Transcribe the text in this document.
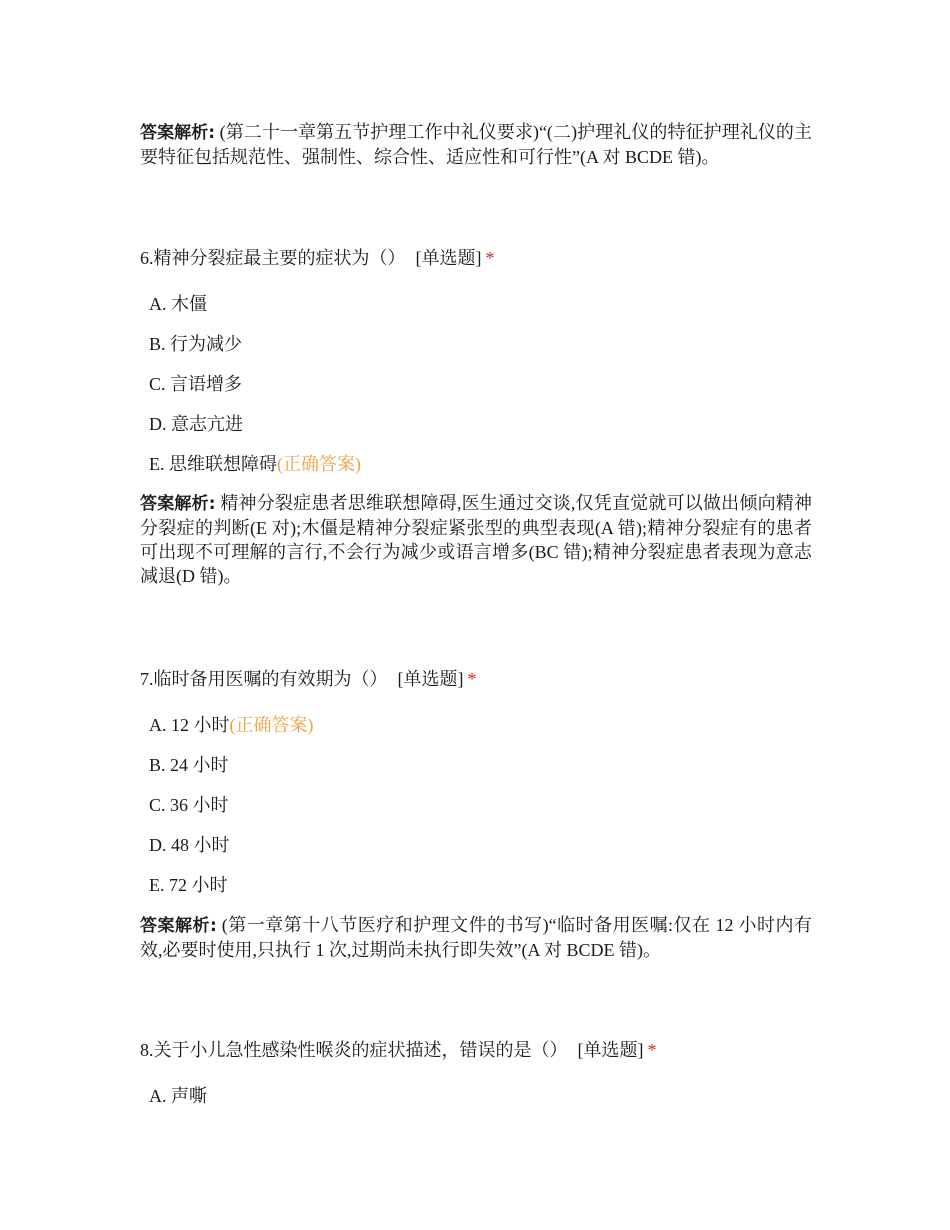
答案解析: (第二十一章第五节护理工作中礼仪要求)“(二)护理礼仪的特征护理礼仪的主要特征包括规范性、强制性、综合性、适应性和可行性”(A 对 BCDE 错)。

6.精神分裂症最主要的症状为（） [单选题] *

A. 木僵
B. 行为减少
C. 言语增多
D. 意志亢进
E. 思维联想障碍(正确答案)

答案解析: 精神分裂症患者思维联想障碍,医生通过交谈,仅凭直觉就可以做出倾向精神分裂症的判断(E 对);木僵是精神分裂症紧张型的典型表现(A 错);精神分裂症有的患者可出现不可理解的言行,不会行为减少或语言增多(BC 错);精神分裂症患者表现为意志减退(D 错)。

7.临时备用医嘱的有效期为（） [单选题] *

A. 12 小时(正确答案)
B. 24 小时
C. 36 小时
D. 48 小时
E. 72 小时

答案解析: (第一章第十八节医疗和护理文件的书写)“临时备用医嘱:仅在 12 小时内有效,必要时使用,只执行 1 次,过期尚未执行即失效”(A 对 BCDE 错)。

8.关于小儿急性感染性喉炎的症状描述，错误的是（） [单选题] *

A. 声嘶
